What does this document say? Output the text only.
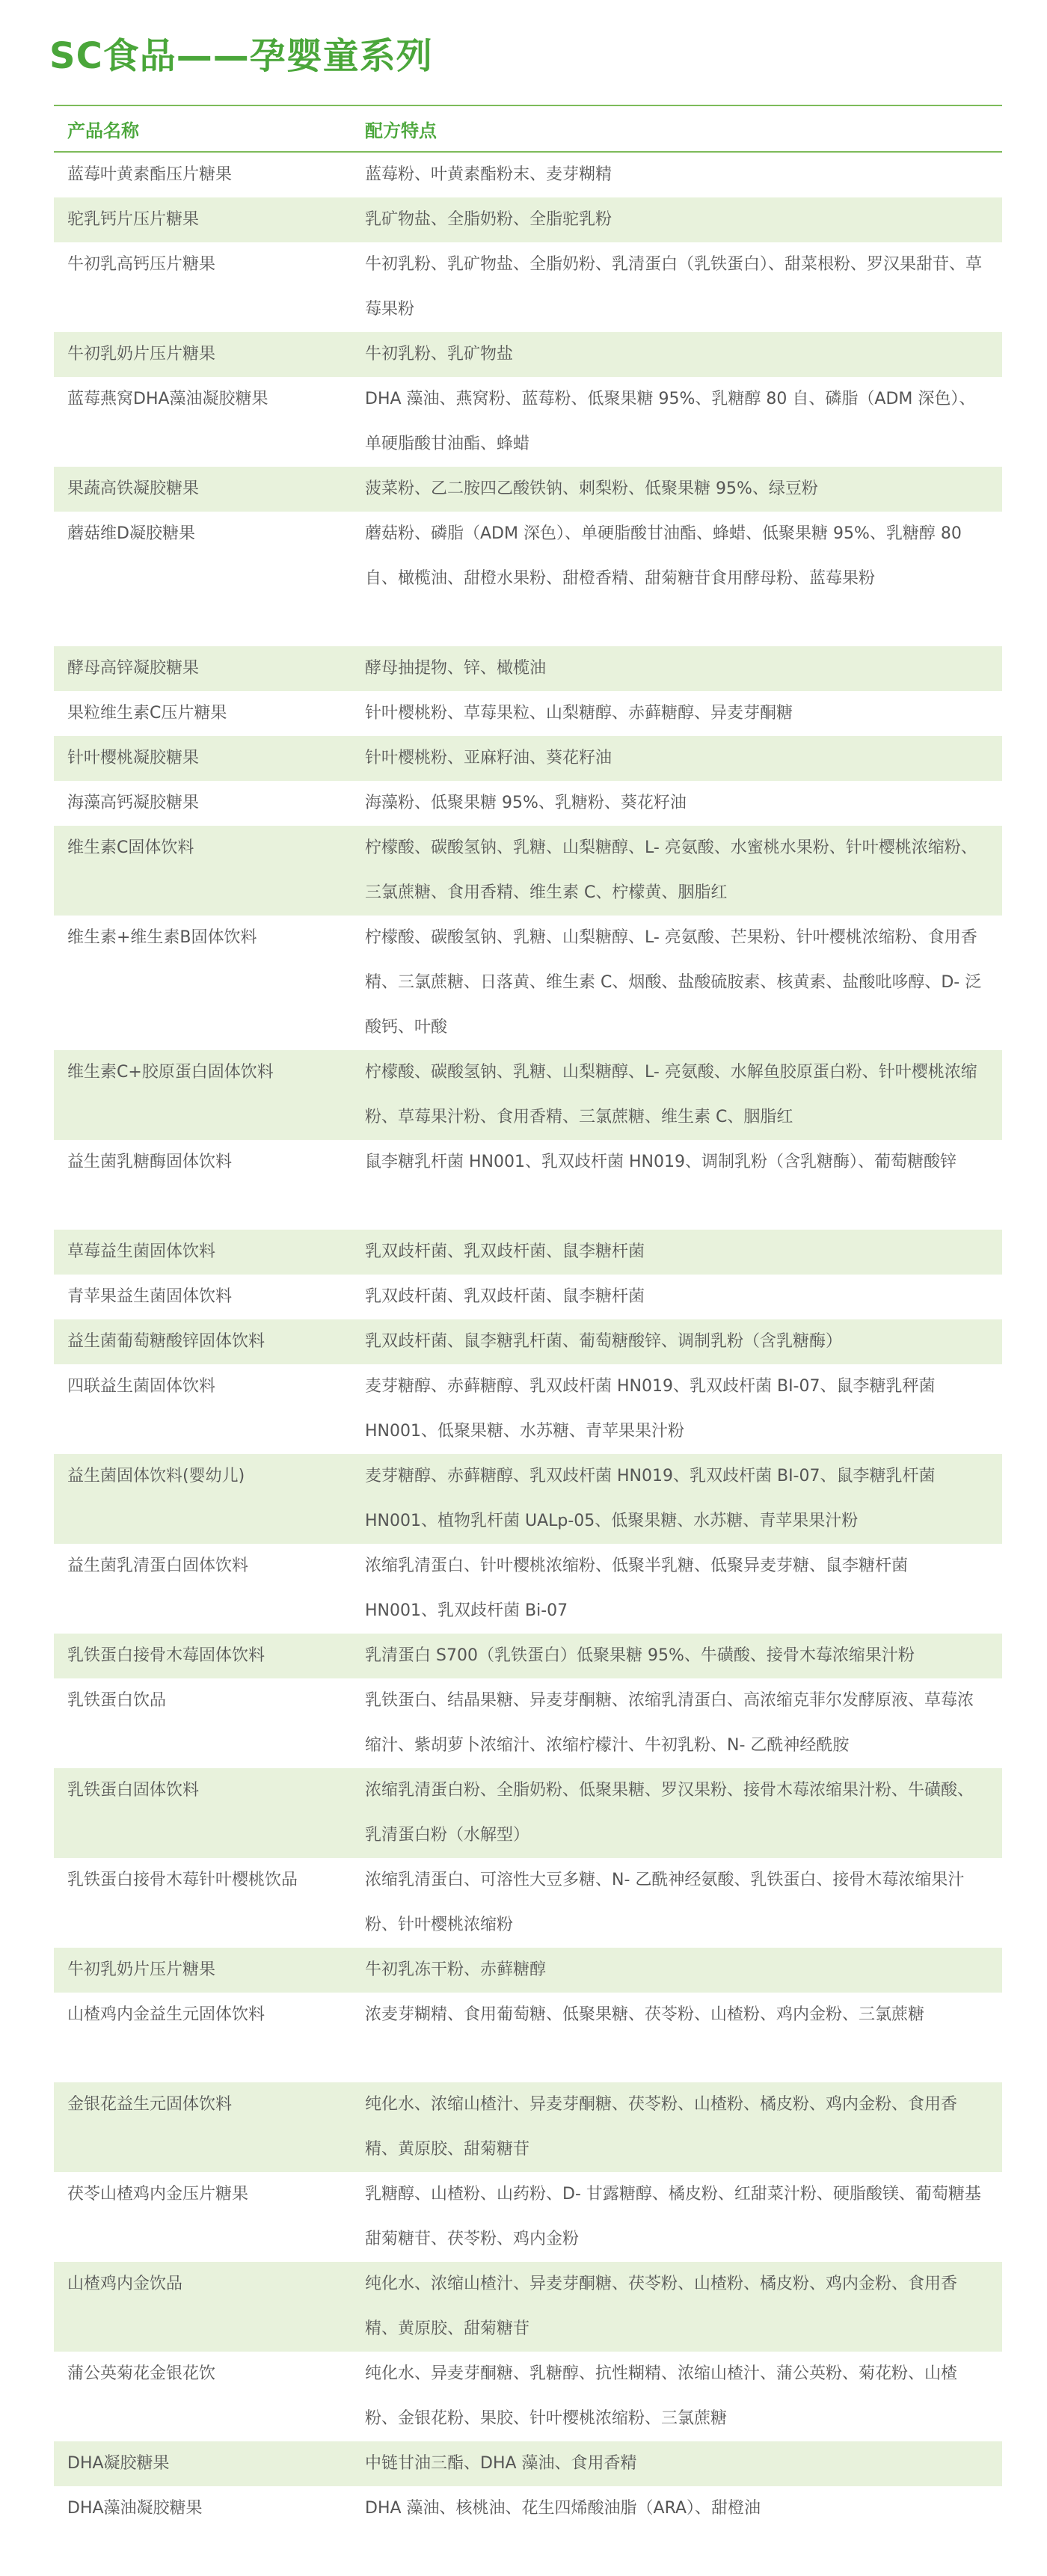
SC食品——孕婴童系列
产品名称	配方特点
蓝莓叶黄素酯压片糖果	蓝莓粉、叶黄素酯粉末、麦芽糊精
驼乳钙片压片糖果	乳矿物盐、全脂奶粉、全脂驼乳粉
牛初乳高钙压片糖果	牛初乳粉、乳矿物盐、全脂奶粉、乳清蛋白（乳铁蛋白）、甜菜根粉、罗汉果甜苷、草莓果粉
牛初乳奶片压片糖果	牛初乳粉、乳矿物盐
蓝莓燕窝DHA藻油凝胶糖果	DHA 藻油、燕窝粉、蓝莓粉、低聚果糖 95%、乳糖醇 80 自、磷脂（ADM 深色）、单硬脂酸甘油酯、蜂蜡
果蔬高铁凝胶糖果	菠菜粉、乙二胺四乙酸铁钠、刺梨粉、低聚果糖 95%、绿豆粉
蘑菇维D凝胶糖果	蘑菇粉、磷脂（ADM 深色）、单硬脂酸甘油酯、蜂蜡、低聚果糖 95%、乳糖醇 80 自、橄榄油、甜橙水果粉、甜橙香精、甜菊糖苷食用酵母粉、蓝莓果粉
酵母高锌凝胶糖果	酵母抽提物、锌、橄榄油
果粒维生素C压片糖果	针叶樱桃粉、草莓果粒、山梨糖醇、赤藓糖醇、异麦芽酮糖
针叶樱桃凝胶糖果	针叶樱桃粉、亚麻籽油、葵花籽油
海藻高钙凝胶糖果	海藻粉、低聚果糖 95%、乳糖粉、葵花籽油
维生素C固体饮料	柠檬酸、碳酸氢钠、乳糖、山梨糖醇、L- 亮氨酸、水蜜桃水果粉、针叶樱桃浓缩粉、三氯蔗糖、食用香精、维生素 C、柠檬黄、胭脂红
维生素+维生素B固体饮料	柠檬酸、碳酸氢钠、乳糖、山梨糖醇、L- 亮氨酸、芒果粉、针叶樱桃浓缩粉、食用香精、三氯蔗糖、日落黄、维生素 C、烟酸、盐酸硫胺素、核黄素、盐酸吡哆醇、D- 泛酸钙、叶酸
维生素C+胶原蛋白固体饮料	柠檬酸、碳酸氢钠、乳糖、山梨糖醇、L- 亮氨酸、水解鱼胶原蛋白粉、针叶樱桃浓缩粉、草莓果汁粉、食用香精、三氯蔗糖、维生素 C、胭脂红
益生菌乳糖酶固体饮料	鼠李糖乳杆菌 HN001、乳双歧杆菌 HN019、调制乳粉（含乳糖酶）、葡萄糖酸锌
草莓益生菌固体饮料	乳双歧杆菌、乳双歧杆菌、鼠李糖杆菌
青苹果益生菌固体饮料	乳双歧杆菌、乳双歧杆菌、鼠李糖杆菌
益生菌葡萄糖酸锌固体饮料	乳双歧杆菌、鼠李糖乳杆菌、葡萄糖酸锌、调制乳粉（含乳糖酶）
四联益生菌固体饮料	麦芽糖醇、赤藓糖醇、乳双歧杆菌 HN019、乳双歧杆菌 BI-07、鼠李糖乳秤菌 HN001、低聚果糖、水苏糖、青苹果果汁粉
益生菌固体饮料(婴幼儿)	麦芽糖醇、赤藓糖醇、乳双歧杆菌 HN019、乳双歧杆菌 BI-07、鼠李糖乳杆菌 HN001、植物乳杆菌 UALp-05、低聚果糖、水苏糖、青苹果果汁粉
益生菌乳清蛋白固体饮料	浓缩乳清蛋白、针叶樱桃浓缩粉、低聚半乳糖、低聚异麦芽糖、鼠李糖杆菌 HN001、乳双歧杆菌 Bi-07
乳铁蛋白接骨木莓固体饮料	乳清蛋白 S700（乳铁蛋白）低聚果糖 95%、牛磺酸、接骨木莓浓缩果汁粉
乳铁蛋白饮品	乳铁蛋白、结晶果糖、异麦芽酮糖、浓缩乳清蛋白、高浓缩克菲尔发酵原液、草莓浓缩汁、紫胡萝卜浓缩汁、浓缩柠檬汁、牛初乳粉、N- 乙酰神经酰胺
乳铁蛋白固体饮料	浓缩乳清蛋白粉、全脂奶粉、低聚果糖、罗汉果粉、接骨木莓浓缩果汁粉、牛磺酸、乳清蛋白粉（水解型）
乳铁蛋白接骨木莓针叶樱桃饮品	浓缩乳清蛋白、可溶性大豆多糖、N- 乙酰神经氨酸、乳铁蛋白、接骨木莓浓缩果汁粉、针叶樱桃浓缩粉
牛初乳奶片压片糖果	牛初乳冻干粉、赤藓糖醇
山楂鸡内金益生元固体饮料	浓麦芽糊精、食用葡萄糖、低聚果糖、茯苓粉、山楂粉、鸡内金粉、三氯蔗糖
金银花益生元固体饮料	纯化水、浓缩山楂汁、异麦芽酮糖、茯苓粉、山楂粉、橘皮粉、鸡内金粉、食用香精、黄原胶、甜菊糖苷
茯苓山楂鸡内金压片糖果	乳糖醇、山楂粉、山药粉、D- 甘露糖醇、橘皮粉、红甜菜汁粉、硬脂酸镁、葡萄糖基甜菊糖苷、茯苓粉、鸡内金粉
山楂鸡内金饮品	纯化水、浓缩山楂汁、异麦芽酮糖、茯苓粉、山楂粉、橘皮粉、鸡内金粉、食用香精、黄原胶、甜菊糖苷
蒲公英菊花金银花饮	纯化水、异麦芽酮糖、乳糖醇、抗性糊精、浓缩山楂汁、蒲公英粉、菊花粉、山楂粉、金银花粉、果胶、针叶樱桃浓缩粉、三氯蔗糖
DHA凝胶糖果	中链甘油三酯、DHA 藻油、食用香精
DHA藻油凝胶糖果	DHA 藻油、核桃油、花生四烯酸油脂（ARA）、甜橙油
